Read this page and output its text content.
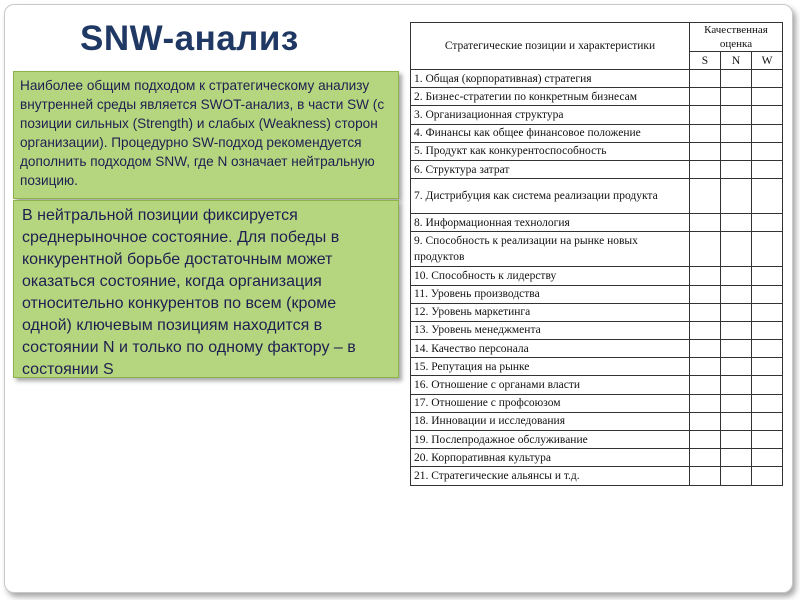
SNW-анализ

Наиболее общим подходом к стратегическому анализу внутренней среды является SWOT-анализ, в части SW (с позиции сильных (Strength) и слабых (Weakness) сторон организации). Процедурно SW-подход рекомендуется дополнить подходом SNW, где N означает нейтральную позицию.

В нейтральной позиции фиксируется среднерыночное состояние. Для победы в конкурентной борьбе достаточным может оказаться состояние, когда организация относительно конкурентов по всем (кроме одной) ключевым позициям находится в состоянии N и только по одному фактору – в состоянии S

Стратегические позиции и характеристики	Качественная оценка		
	S	N	W
1. Общая (корпоративная) стратегия			
2. Бизнес-стратегии по конкретным бизнесам			
3. Организационная структура			
4. Финансы как общее финансовое положение			
5. Продукт как конкурентоспособность			
6. Структура затрат			
7. Дистрибуция как система реализации продукта			
8. Информационная технология			
9. Способность к реализации на рынке новых продуктов			
10. Способность к лидерству			
11. Уровень производства			
12. Уровень маркетинга			
13. Уровень менеджмента			
14. Качество персонала			
15. Репутация на рынке			
16. Отношение с органами власти			
17. Отношение с профсоюзом			
18. Инновации и исследования			
19. Послепродажное обслуживание			
20. Корпоративная культура			
21. Стратегические альянсы и т.д.			
